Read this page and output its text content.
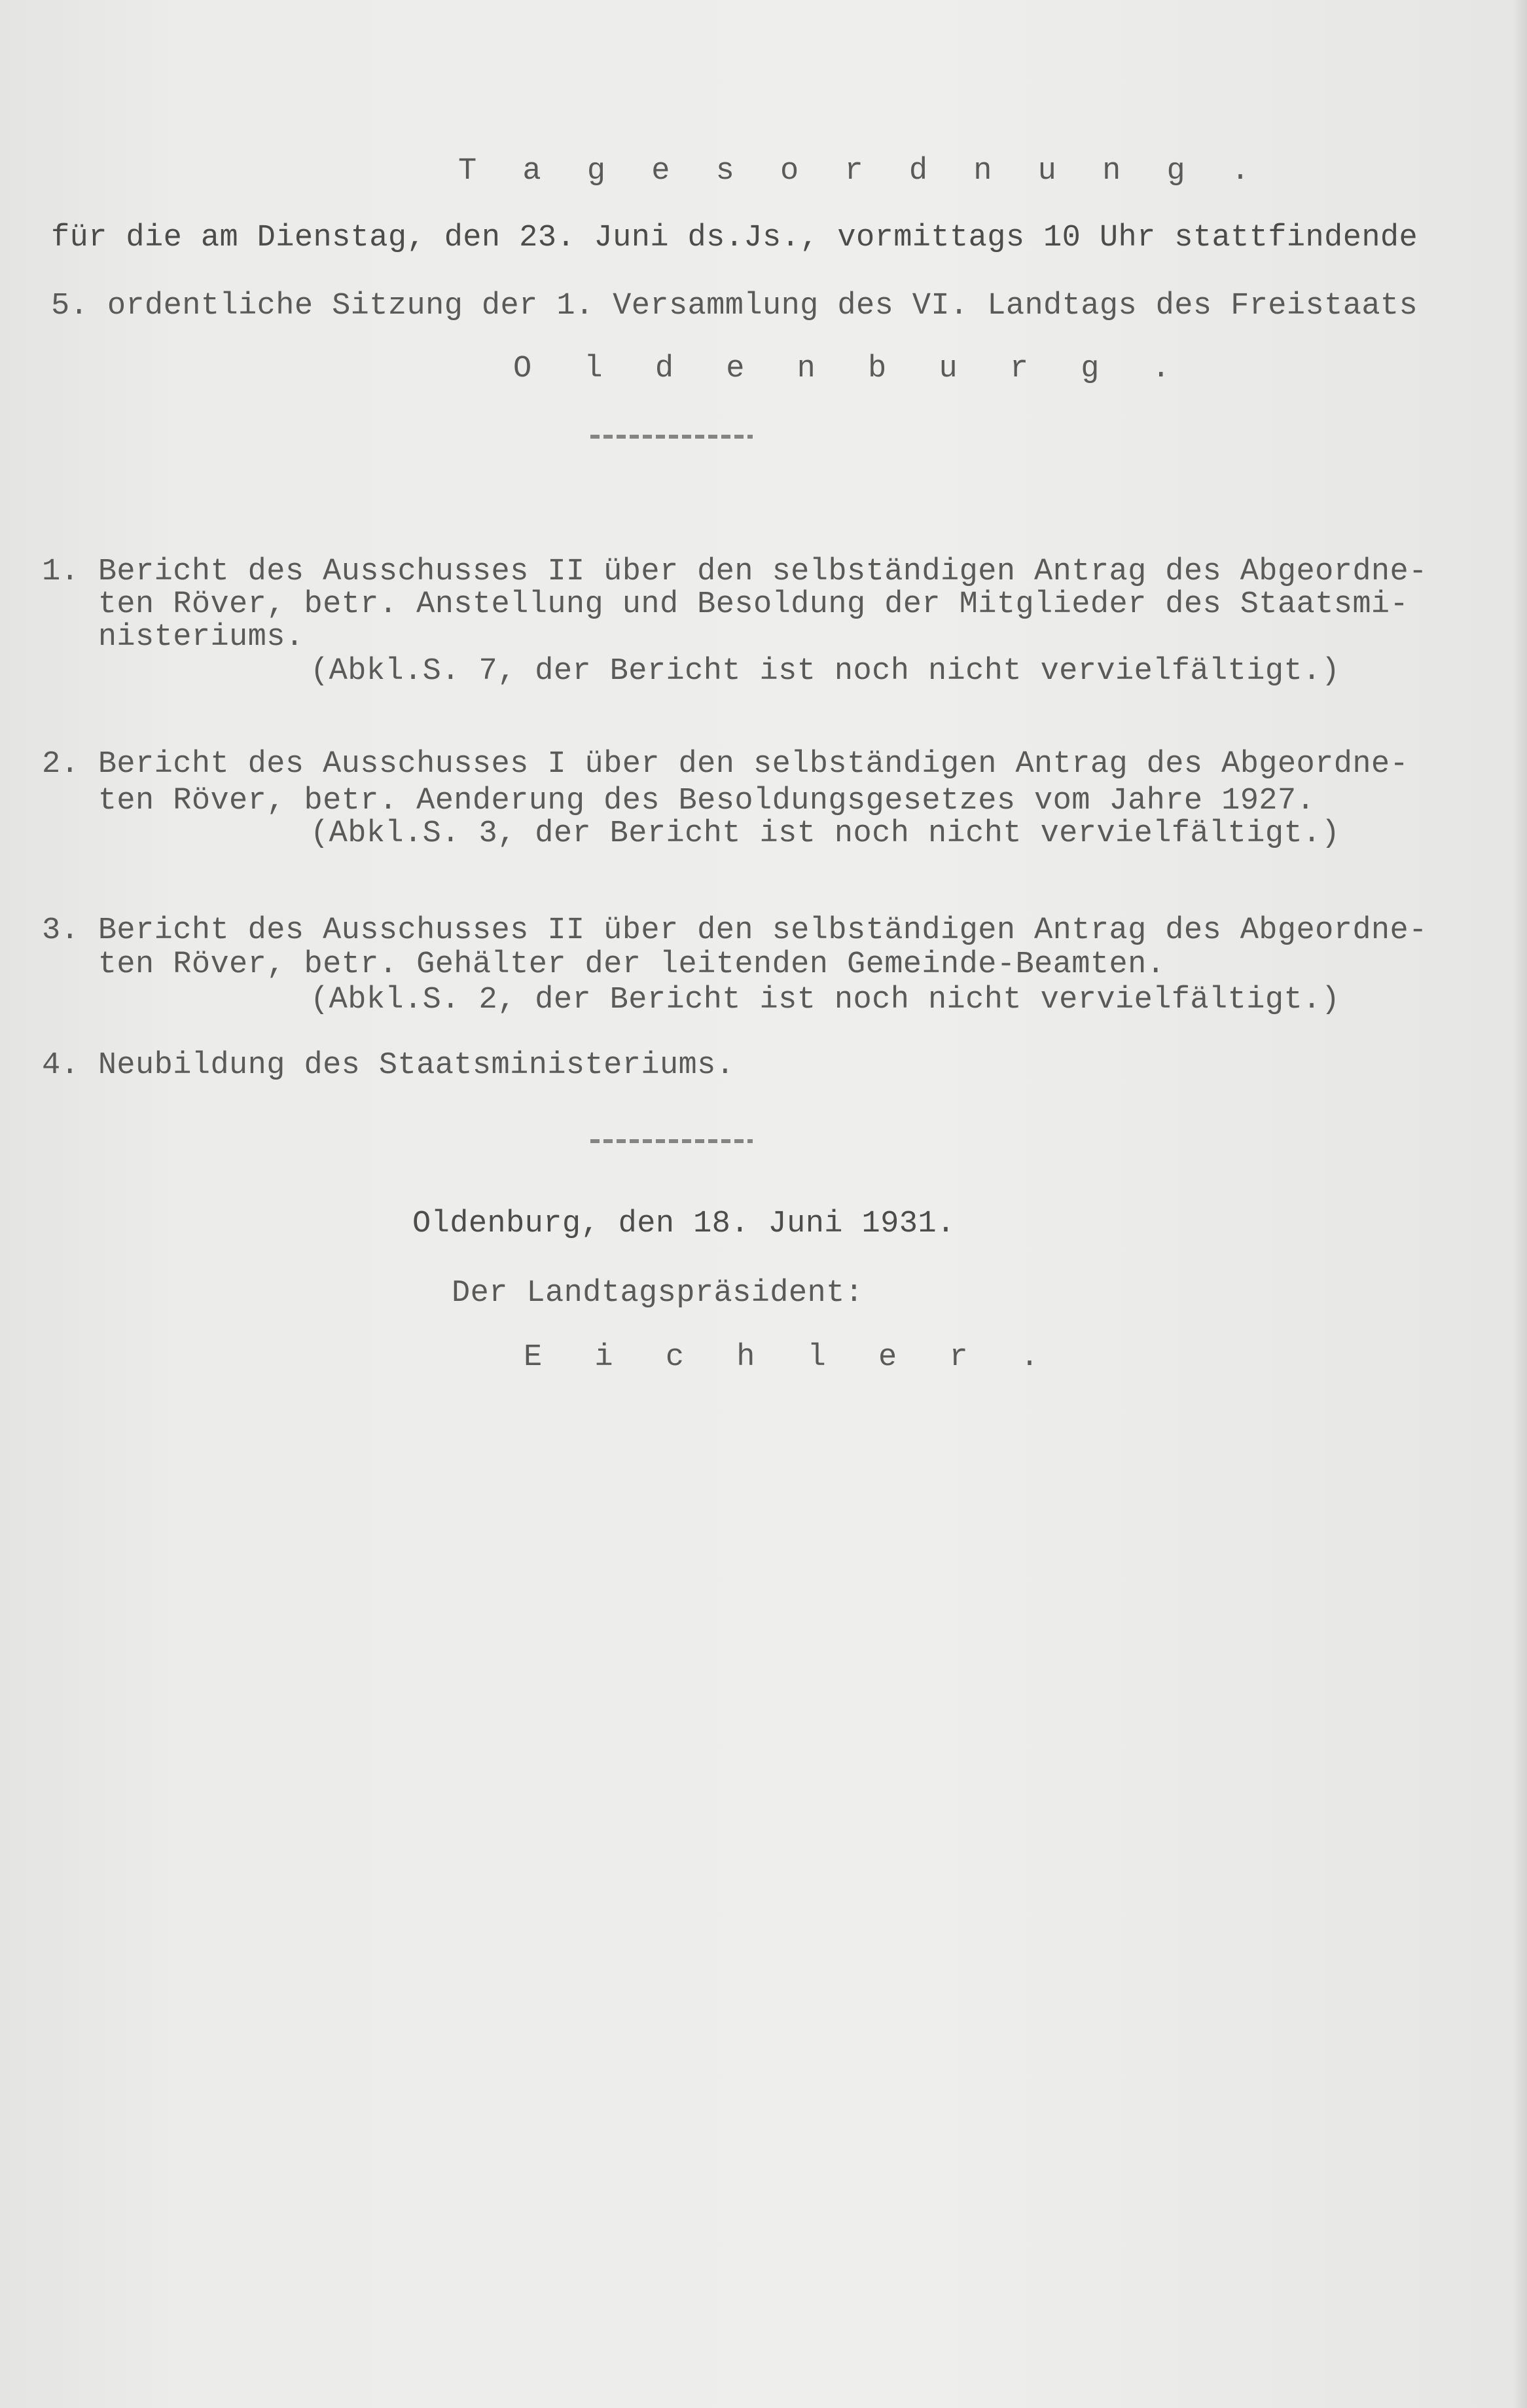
T a g e s o r d n u n g .
für die am Dienstag, den 23. Juni ds.Js., vormittags 10 Uhr stattfindende
5. ordentliche Sitzung der 1. Versammlung des VI. Landtags des Freistaats
O l d e n b u r g .
1. Bericht des Ausschusses II über den selbständigen Antrag des Abgeordne-
ten Röver, betr. Anstellung und Besoldung der Mitglieder des Staatsmi-
nisteriums.
(Abkl.S. 7, der Bericht ist noch nicht vervielfältigt.)
2. Bericht des Ausschusses I über den selbständigen Antrag des Abgeordne-
ten Röver, betr. Aenderung des Besoldungsgesetzes vom Jahre 1927.
(Abkl.S. 3, der Bericht ist noch nicht vervielfältigt.)
3. Bericht des Ausschusses II über den selbständigen Antrag des Abgeordne-
ten Röver, betr. Gehälter der leitenden Gemeinde-Beamten.
(Abkl.S. 2, der Bericht ist noch nicht vervielfältigt.)
4. Neubildung des Staatsministeriums.
Oldenburg, den 18. Juni 1931.
Der Landtagspräsident:
E i c h l e r .
